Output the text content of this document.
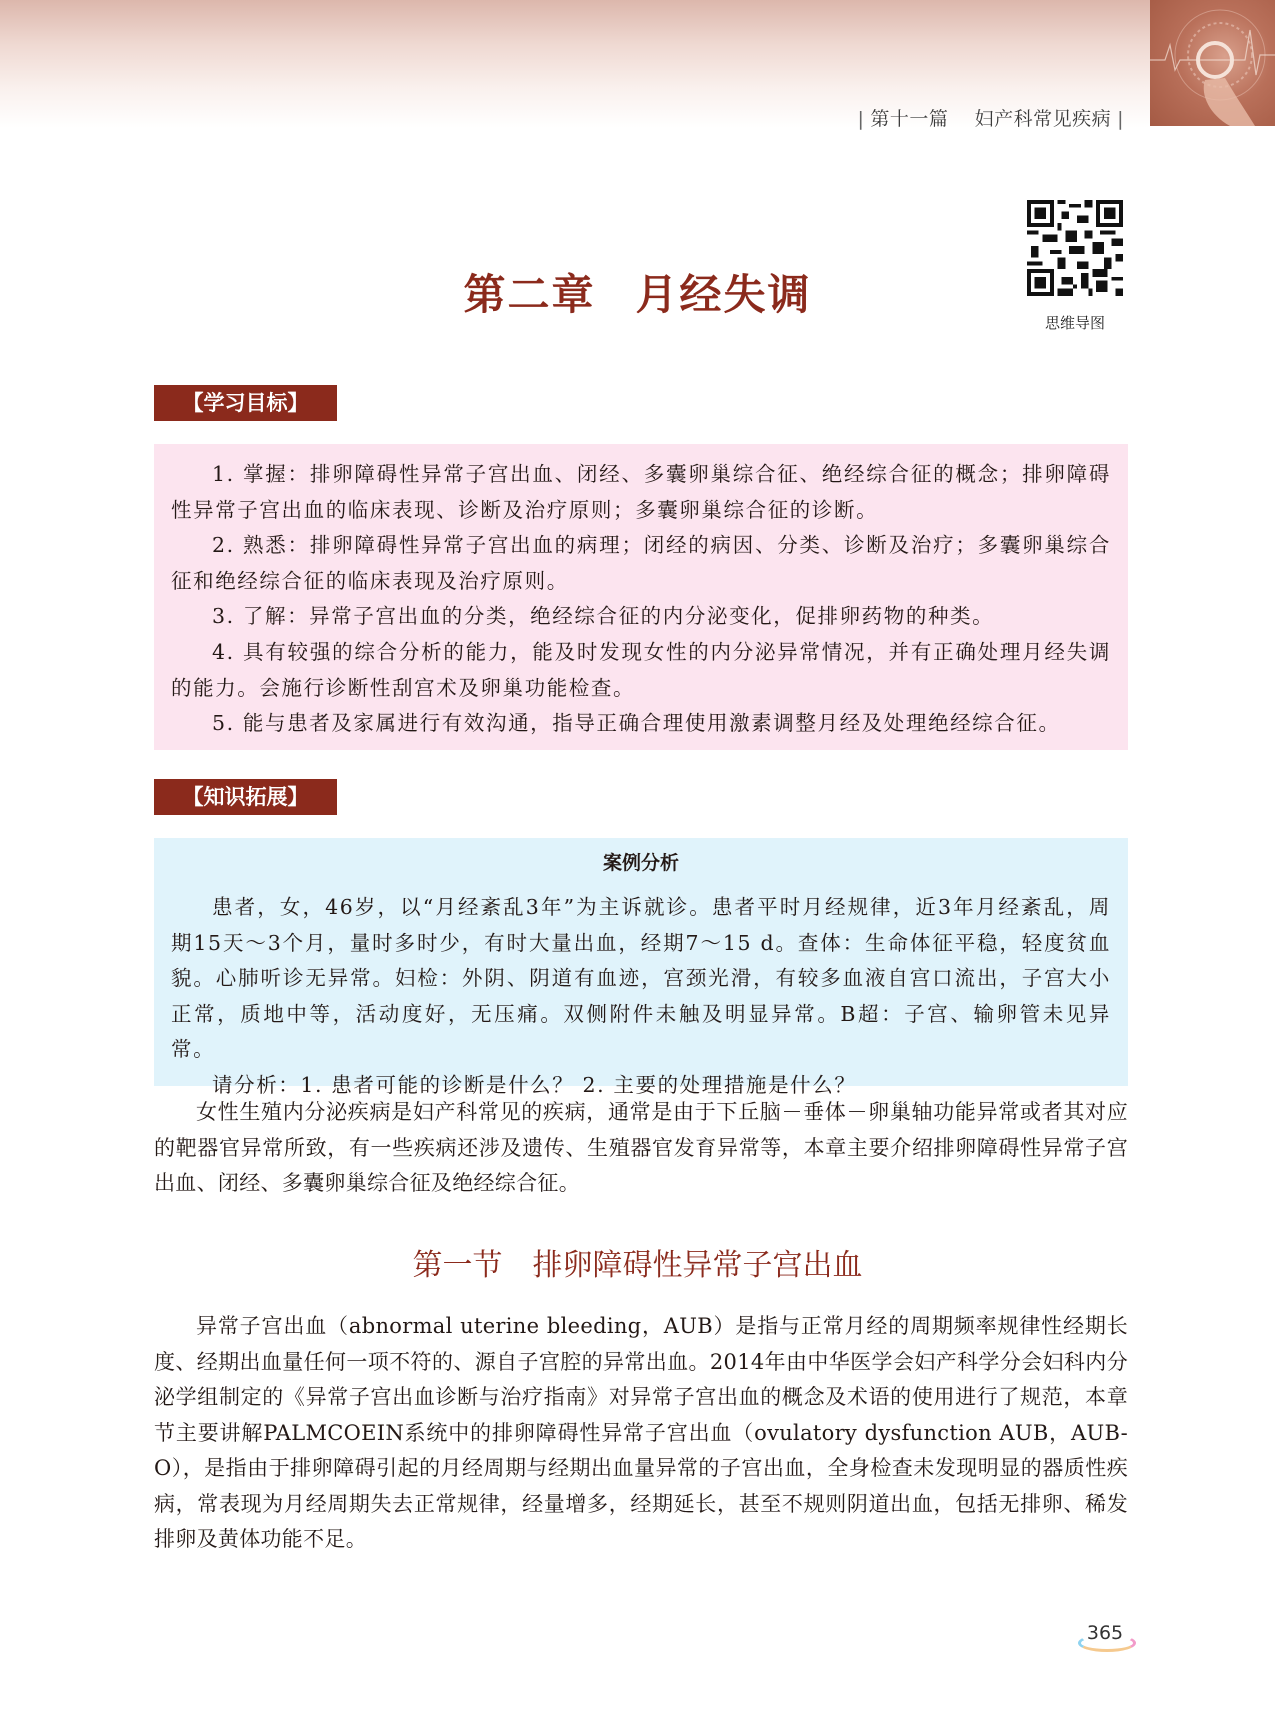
| 第十一篇 妇产科常见疾病 |
第二章 月经失调
思维导图
【学习目标】

1. 掌握：排卵障碍性异常子宫出血、闭经、多囊卵巢综合征、绝经综合征的概念；排卵障碍性异常子宫出血的临床表现、诊断及治疗原则；多囊卵巢综合征的诊断。

2. 熟悉：排卵障碍性异常子宫出血的病理；闭经的病因、分类、诊断及治疗；多囊卵巢综合征和绝经综合征的临床表现及治疗原则。

3. 了解：异常子宫出血的分类，绝经综合征的内分泌变化，促排卵药物的种类。

4. 具有较强的综合分析的能力，能及时发现女性的内分泌异常情况，并有正确处理月经失调的能力。会施行诊断性刮宫术及卵巢功能检查。

5. 能与患者及家属进行有效沟通，指导正确合理使用激素调整月经及处理绝经综合征。

【知识拓展】
案例分析

患者，女，46岁，以“月经紊乱3年”为主诉就诊。患者平时月经规律，近3年月经紊乱，周期15天～3个月，量时多时少，有时大量出血，经期7～15 d。查体：生命体征平稳，轻度贫血貌。心肺听诊无异常。妇检：外阴、阴道有血迹，宫颈光滑，有较多血液自宫口流出，子宫大小正常，质地中等，活动度好，无压痛。双侧附件未触及明显异常。B超：子宫、输卵管未见异常。

请分析：1. 患者可能的诊断是什么？ 2. 主要的处理措施是什么？

女性生殖内分泌疾病是妇产科常见的疾病，通常是由于下丘脑－垂体－卵巢轴功能异常或者其对应的靶器官异常所致，有一些疾病还涉及遗传、生殖器官发育异常等，本章主要介绍排卵障碍性异常子宫出血、闭经、多囊卵巢综合征及绝经综合征。

第一节 排卵障碍性异常子宫出血

异常子宫出血（abnormal uterine bleeding，AUB）是指与正常月经的周期频率规律性经期长度、经期出血量任何一项不符的、源自子宫腔的异常出血。2014年由中华医学会妇产科学分会妇科内分泌学组制定的《异常子宫出血诊断与治疗指南》对异常子宫出血的概念及术语的使用进行了规范，本章节主要讲解PALMCOEIN系统中的排卵障碍性异常子宫出血（ovulatory dysfunction AUB，AUB-O），是指由于排卵障碍引起的月经周期与经期出血量异常的子宫出血，全身检查未发现明显的器质性疾病，常表现为月经周期失去正常规律，经量增多，经期延长，甚至不规则阴道出血，包括无排卵、稀发排卵及黄体功能不足。

365
